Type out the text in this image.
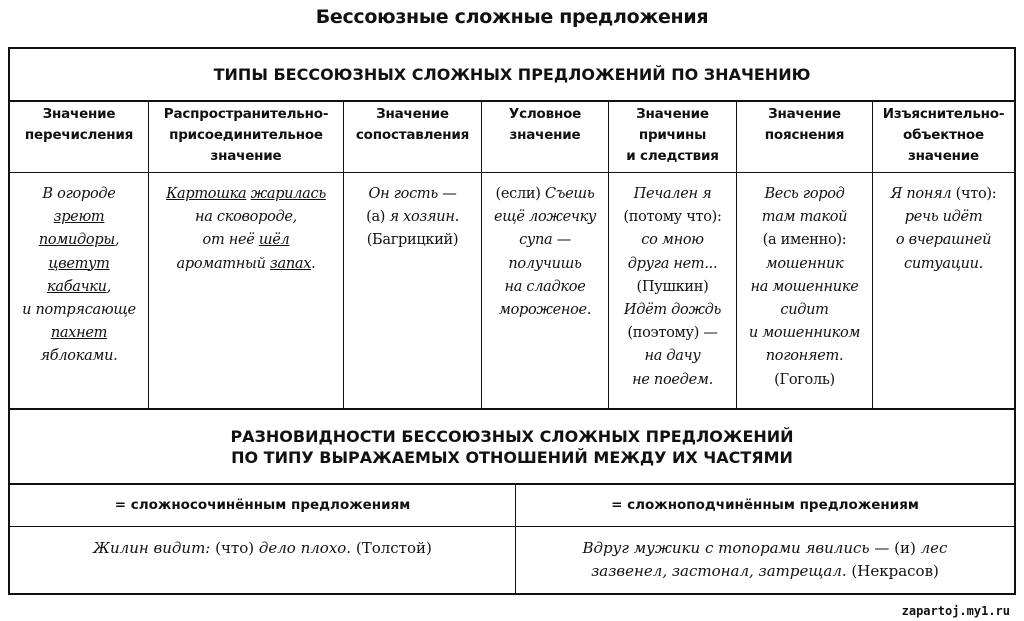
Бессоюзные сложные предложения
ТИПЫ БЕССОЮЗНЫХ СЛОЖНЫХ ПРЕДЛОЖЕНИЙ ПО ЗНАЧЕНИЮ
Значение
перечисления
В огороде
зреют
помидоры,
цветут
кабачки,
и потрясающе
пахнет
яблоками.
Распространительно-
присоединительное
значение
Картошка жарилась
на сковороде,
от неё шёл
ароматный запах.
Значение
сопоставления
Он гость —
(а) я хозяин.
(Багрицкий)
Условное
значение
(если) Съешь
ещё ложечку
супа —
получишь
на сладкое
мороженое.
Значение
причины
и следствия
Печален я
(потому что):
со мною
друга нет...
(Пушкин)
Идёт дождь
(поэтому) —
на дачу
не поедем.
Значение
пояснения
Весь город
там такой
(а именно):
мошенник
на мошеннике
сидит
и мошенником
погоняет.
(Гоголь)
Изъяснительно-
объектное
значение
Я понял (что):
речь идёт
о вчерашней
ситуации.
РАЗНОВИДНОСТИ БЕССОЮЗНЫХ СЛОЖНЫХ ПРЕДЛОЖЕНИЙ
ПО ТИПУ ВЫРАЖАЕМЫХ ОТНОШЕНИЙ МЕЖДУ ИХ ЧАСТЯМИ
= сложносочинённым предложениям	= сложноподчинённым предложениям
Жилин видит: (что) дело плохо. (Толстой)	Вдруг мужики с топорами явились — (и) лес
зазвенел, застонал, затрещал. (Некрасов)
zapartoj.my1.ru
